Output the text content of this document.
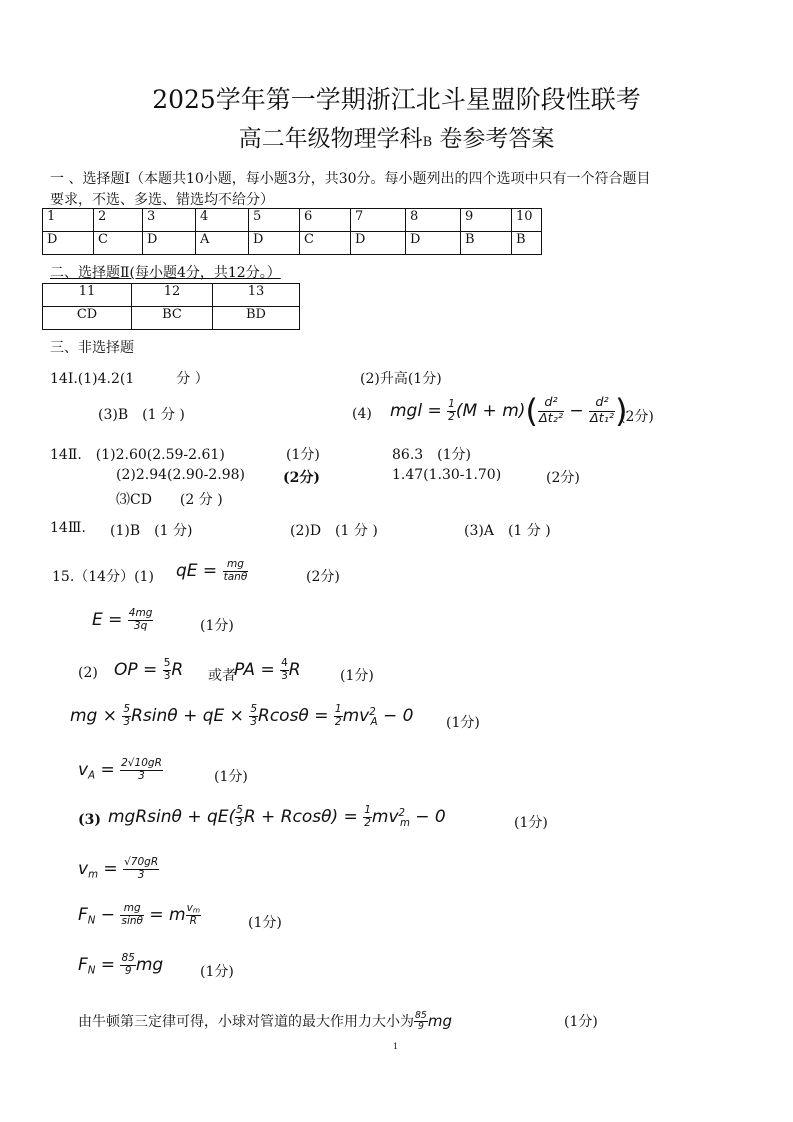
2025学年第一学期浙江北斗星盟阶段性联考
高二年级物理学科B 卷参考答案
一 、选择题Ⅰ（本题共10小题，每小题3分，共30分。每小题列出的四个选项中只有一个符合题目
要求，不选、多选、错选均不给分）
1	2	3	4	5	6	7	8	9	10
D	C	D	A	D	C	D	D	B	B
二、选择题Ⅱ(每小题4分，共12分。）
11	12	13
CD	BC	BD
三、非选择题
14Ⅰ.(1)4.2(1　　　分 ）	(2)升高(1分)
(3)B　(1 分 )	(4) mgl = $\frac{1}{2} (M + m)( \frac{\text{d²}}{\text{Δt₂²}} - \frac{\text{d²}}{\text{Δt₁²}}$ )
(2分)
14Ⅱ.　(1)2.60(2.59-2.61)	(1分)	86.3　(1分)
(2)2.94(2.90-2.98)	(2分)	1.47(1.30-1.70)	(2分)
⑶CD　　(2 分 )
14Ⅲ. (1)B　(1 分)	(2)D　(1 分 )	(3)A　(1 分 )
15.（14分）(1) qE = $\frac{mg}{\tan\theta}$	(2分)
$E = \frac{4mg}{3q}$	(1分)
(2) OP = $\frac{5}{3}$ R 或者
PA = $\frac{4}{3}$ R	(1分)
mg × $\frac{5}{3}$ Rsinθ + qE × $\frac{5}{3}$ $Rcos\theta = \frac{1}{2} mv^2_A - 0$ (1分)
$v_A = \frac{2√10gR}{3}$	(1分)
(3) $mgRsin\theta + qE( \frac{5}{3}$ $R + Rcos\theta) = \frac{1}{2} mv^2_m - 0$	(1分)
$v_m = \frac{√70gR}{3}$
$F_N - \frac{mg}{\sin\theta} = m \frac{vm}{R}$	(1分)
$F_N = \frac{85}{9}$ mg	(1分)
由牛顿第三定律可得，小球对管道的最大作用力大小为 $\frac{85}{9}$ mg	(1分)
1
